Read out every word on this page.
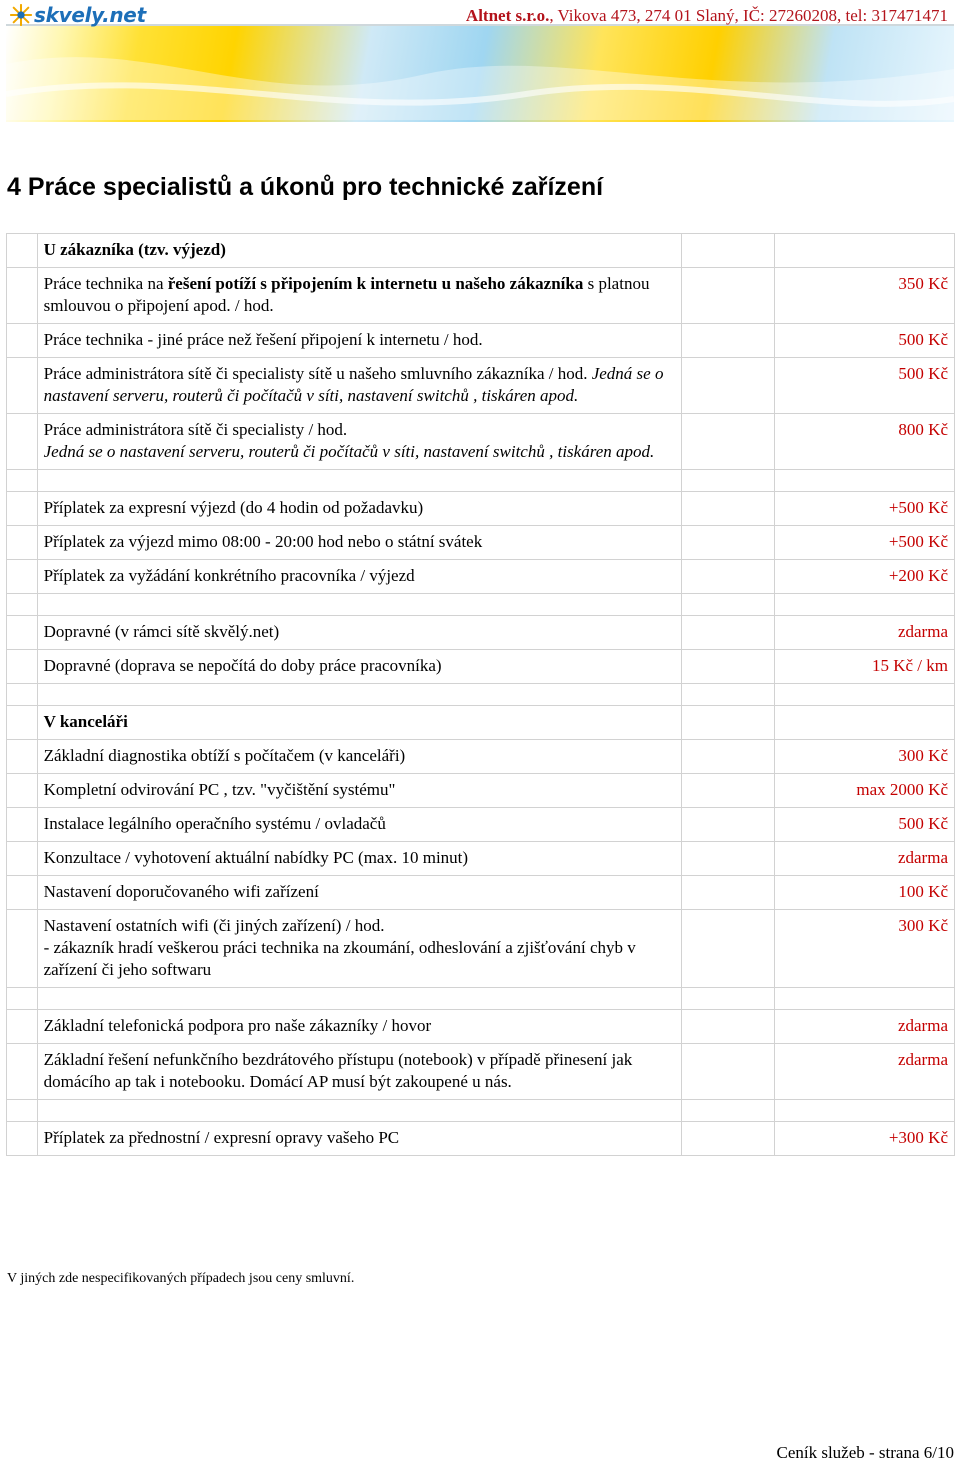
skvely.net	Altnet s.r.o., Vikova 473, 274 01 Slaný, IČ: 27260208, tel: 317471471
4 Práce specialistů a úkonů pro technické zařízení
	U zákazníka (tzv. výjezd)		
	Práce technika na řešení potíží s připojením k internetu u našeho zákazníka s platnou smlouvou o připojení apod. / hod.		350 Kč
	Práce technika - jiné práce než řešení připojení k internetu / hod.		500 Kč
	Práce administrátora sítě či specialisty sítě u našeho smluvního zákazníka / hod. Jedná se o nastavení serveru, routerů či počítačů v síti, nastavení switchů , tiskáren apod.		500 Kč
	Práce administrátora sítě či specialisty / hod.
Jedná se o nastavení serveru, routerů či počítačů v síti, nastavení switchů , tiskáren apod.		800 Kč

	Příplatek za expresní výjezd (do 4 hodin od požadavku)		+500 Kč
	Příplatek za výjezd mimo 08:00 - 20:00 hod nebo o státní svátek		+500 Kč
	Příplatek za vyžádání konkrétního pracovníka / výjezd		+200 Kč

	Dopravné (v rámci sítě skvělý.net)		zdarma
	Dopravné (doprava se nepočítá do doby práce pracovníka)		15 Kč / km

	V kanceláři		
	Základní diagnostika obtíží s počítačem (v kanceláři)		300 Kč
	Kompletní odvirování PC , tzv. "vyčištění systému"		max 2000 Kč
	Instalace legálního operačního systému / ovladačů		500 Kč
	Konzultace / vyhotovení aktuální nabídky PC (max. 10 minut)		zdarma
	Nastavení doporučovaného wifi zařízení		100 Kč
	Nastavení ostatních wifi (či jiných zařízení) / hod.
- zákazník hradí veškerou práci technika na zkoumání, odheslování a zjišťování chyb v zařízení či jeho softwaru		300 Kč

	Základní telefonická podpora pro naše zákazníky / hovor		zdarma
	Základní řešení nefunkčního bezdrátového přístupu (notebook) v případě přinesení jak domácího ap tak i notebooku. Domácí AP musí být zakoupené u nás.		zdarma

	Příplatek za přednostní / expresní opravy vašeho PC		+300 Kč
V jiných zde nespecifikovaných případech jsou ceny smluvní.
Ceník služeb - strana 6/10
